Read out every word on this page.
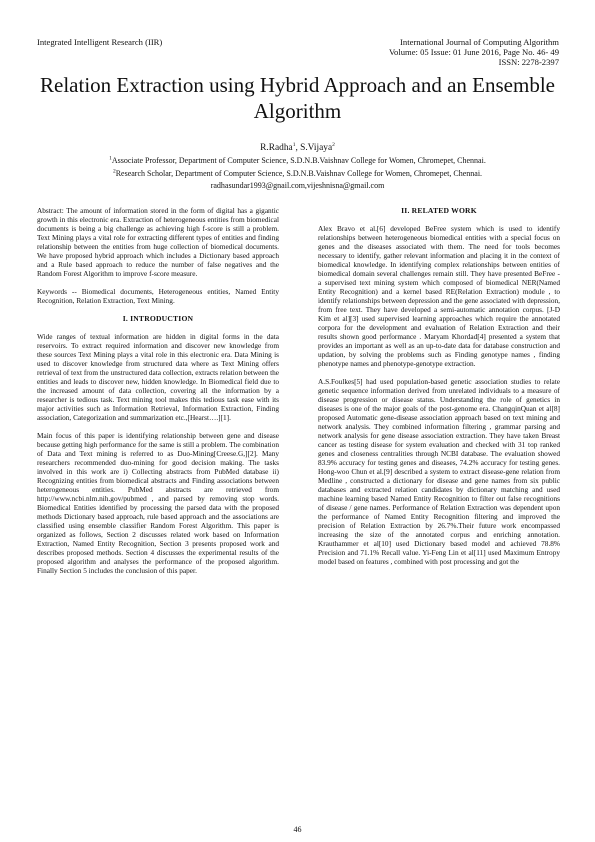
Integrated Intelligent Research (IIR)	International Journal of Computing Algorithm
Volume: 05 Issue: 01 June 2016, Page No. 46- 49
ISSN: 2278-2397
Relation Extraction using Hybrid Approach and an Ensemble Algorithm
R.Radha$^1$, S.Vijaya$^2$
$^1$Associate Professor, Department of Computer Science, S.D.N.B.Vaishnav College for Women, Chromepet, Chennai.
$^2$Research Scholar, Department of Computer Science, S.D.N.B.Vaishnav College for Women, Chromepet, Chennai.
radhasundar1993@gnail.com,vijeshnisna@gmail.com

Abstract: The amount of information stored in the form of digital has a gigantic growth in this electronic era. Extraction of heterogeneous entities from biomedical documents is being a big challenge as achieving high f-score is still a problem. Text Mining plays a vital role for extracting different types of entities and finding relationship between the entities from huge collection of biomedical documents. We have proposed hybrid approach which includes a Dictionary based approach and a Rule based approach to reduce the number of false negatives and the Random Forest Algorithm to improve f-score measure.

Keywords -- Biomedical documents, Heterogeneous entities, Named Entity Recognition, Relation Extraction, Text Mining.

I. INTRODUCTION

Wide ranges of textual information are hidden in digital forms in the data reservoirs. To extract required information and discover new knowledge from these sources Text Mining plays a vital role in this electronic era. Data Mining is used to discover knowledge from structured data where as Text Mining offers retrieval of text from the unstructured data collection, extracts relation between the entities and leads to discover new, hidden knowledge. In Biomedical field due to the increased amount of data collection, covering all the information by a researcher is tedious task. Text mining tool makes this tedious task ease with its major activities such as Information Retrieval, Information Extraction, Finding association, Categorization and summarization etc.,[Hearst….][1].

Main focus of this paper is identifying relationship between gene and disease because getting high performance for the same is still a problem. The combination of Data and Text mining is referred to as Duo-Mining[Creese.G,][2]. Many researchers recommended duo-mining for good decision making. The tasks involved in this work are i) Collecting abstracts from PubMed database ii) Recognizing entities from biomedical abstracts and Finding associations between heterogeneous entities. PubMed abstracts are retrieved from http://www.ncbi.nlm.nih.gov/pubmed , and parsed by removing stop words. Biomedical Entities identified by processing the parsed data with the proposed methods Dictionary based approach, rule based approach and the associations are classified using ensemble classifier Random Forest Algorithm. This paper is organized as follows, Section 2 discusses related work based on Information Extraction, Named Entity Recognition, Section 3 presents proposed work and describes proposed methods. Section 4 discusses the experimental results of the proposed algorithm and analyses the performance of the proposed algorithm. Finally Section 5 includes the conclusion of this paper.

II. RELATED WORK

Alex Bravo et al.[6] developed BeFree system which is used to identify relationships between heterogeneous biomedical entities with a special focus on genes and the diseases associated with them. The need for tools becomes necessary to identify, gather relevant information and placing it in the context of biomedical knowledge. In identifying complex relationships between entities of biomedical domain several challenges remain still. They have presented BeFree - a supervised text mining system which composed of biomedical NER(Named Entity Recognition) and a kernel based RE(Relation Extraction) module , to identify relationships between depression and the gene associated with depression, from free text. They have developed a semi-automatic annotation corpus. [J-D Kim et al][3] used supervised learning approaches which require the annotated corpora for the development and evaluation of Relation Extraction and their results shown good performance . Maryam Khordad[4] presented a system that provides an important as well as an up-to-date data for database construction and updation, by solving the problems such as Finding genotype names , finding phenotype names and phenotype-genotype extraction.

A.S.Foulkes[5] had used population-based genetic association studies to relate genetic sequence information derived from unrelated individuals to a measure of disease progression or disease status. Understanding the role of genetics in diseases is one of the major goals of the post-genome era. ChangqinQuan et al[8] proposed Automatic gene-disease association approach based on text mining and network analysis. They combined information filtering , grammar parsing and network analysis for gene disease association extraction. They have taken Breast cancer as testing disease for system evaluation and checked with 31 top ranked genes and closeness centralities through NCBI database. The evaluation showed 83.9% accuracy for testing genes and diseases, 74.2% accuracy for testing genes. Hong-woo Chun et al.[9] described a system to extract disease-gene relation from Medline , constructed a dictionary for disease and gene names from six public databases and extracted relation candidates by dictionary matching and used machine learning based Named Entity Recognition to filter out false recognitions of disease / gene names. Performance of Relation Extraction was dependent upon the performance of Named Entity Recognition filtering and improved the precision of Relation Extraction by 26.7%.Their future work encompassed increasing the size of the annotated corpus and enriching annotation. Krauthammer et al[10] used Dictionary based model and achieved 78.8% Precision and 71.1% Recall value. Yi-Feng Lin et al[11] used Maximum Entropy model based on features , combined with post processing and got the

46
